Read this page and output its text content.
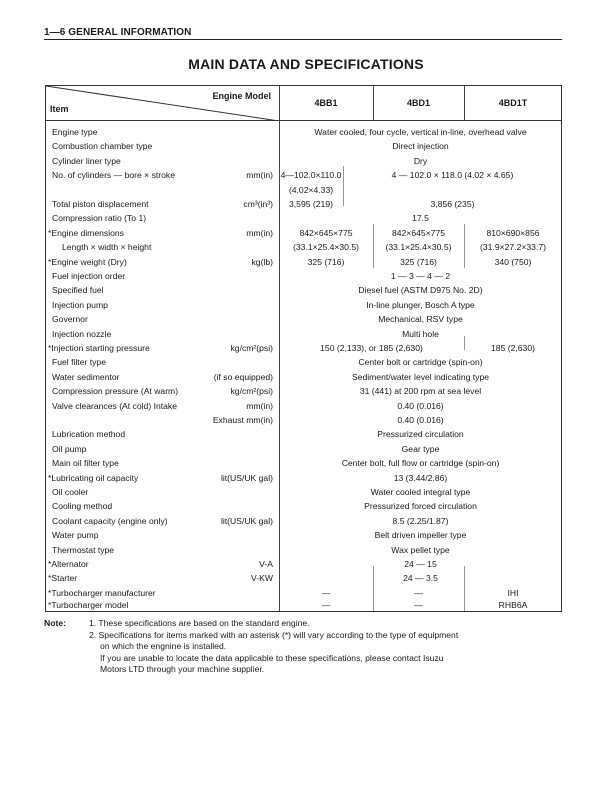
1—6 GENERAL INFORMATION
MAIN DATA AND SPECIFICATIONS
Engine Model
Item
4BB1	4BD1	4BD1T
Engine type	Water cooled, four cycle, vertical in-line, overhead valve
Combustion chamber type	Direct injection
Cylinder liner type	Dry
No. of cylinders — bore × stroke	mm(in) 4—102.0×110.0	4 — 102.0 × 118.0 (4.02 × 4.65)
(4.02×4.33)
Total piston displacement	cm³(in³)	3,595 (219)	3,856 (235)
Compression ratio (To 1)	17.5
*Engine dimensions	mm(in)	842×645×775	842×645×775	810×690×856
Length × width × height	(33.1×25.4×30.5)	(33.1×25.4×30.5)	(31.9×27.2×33.7)
*Engine weight (Dry)	kg(lb)	325 (716)	325 (716)	340 (750)
Fuel injection order	1 — 3 — 4 — 2
Specified fuel	Diesel fuel (ASTM D975 No. 2D)
Injection pump	In-line plunger, Bosch A type
Governor	Mechanical, RSV type
Injection nozzle	Multi hole
*Injection starting pressure	kg/cm²(psi)	150 (2,133), or 185 (2,630)	185 (2,630)
Fuel filter type	Center bolt or cartridge (spin-on)
Water sedimentor	(if so equipped)	Sediment/water level indicating type
Compression pressure (At warm)	kg/cm²(psi)	31 (441) at 200 rpm at sea level
Valve clearances (At cold) Intake	mm(in)	0.40 (0.016)
Exhaust mm(in)	0.40 (0.016)
Lubrication method	Pressurized circulation
Oil pump	Gear type
Main oil filter type	Center bolt, full flow or cartridge (spin-on)
*Lubricating oil capacity	lit(US/UK gal)	13 (3.44/2.86)
Oil cooler	Water cooled integral type
Cooling method	Pressurized forced circulation
Coolant capacity (engine only)	lit(US/UK gal)	8.5 (2.25/1.87)
Water pump	Belt driven impeller type
Thermostat type	Wax pellet type
*Alternator	V-A	24 — 15
*Starter	V-KW	24 — 3.5
*Turbocharger manufacturer	—	—	IHI
*Turbocharger model	—	—	RHB6A
Note:	1. These specifications are based on the standard engine.
2. Specifications for items marked with an asterisk (*) will vary according to the type of equipment
on which the engnine is installed.
If you are unable to locate the data applicable to these specifications, please contact Isuzu
Motors LTD through your machine supplier.
